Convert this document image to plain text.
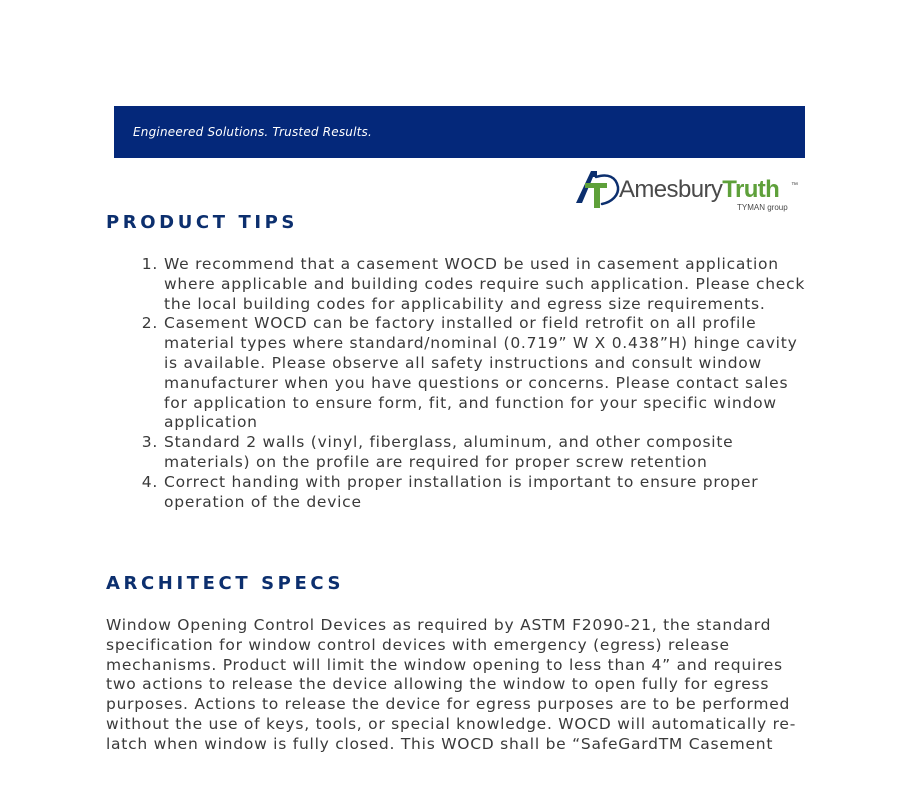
Engineered Solutions. Trusted Results.
AmesburyTruth ™
TYMAN group
PRODUCT TIPS
1. We recommend that a casement WOCD be used in casement application where applicable and building codes require such application. Please check the local building codes for applicability and egress size requirements.
2. Casement WOCD can be factory installed or field retrofit on all profile material types where standard/nominal (0.719” W X 0.438”H) hinge cavity is available. Please observe all safety instructions and consult window manufacturer when you have questions or concerns. Please contact sales for application to ensure form, fit, and function for your specific window application
3. Standard 2 walls (vinyl, fiberglass, aluminum, and other composite materials) on the profile are required for proper screw retention
4. Correct handing with proper installation is important to ensure proper operation of the device
ARCHITECT SPECS

Window Opening Control Devices as required by ASTM F2090-21, the standard specification for window control devices with emergency (egress) release mechanisms. Product will limit the window opening to less than 4” and requires two actions to release the device allowing the window to open fully for egress purposes. Actions to release the device for egress purposes are to be performed without the use of keys, tools, or special knowledge. WOCD will automatically re-latch when window is fully closed. This WOCD shall be “SafeGardTM Casement
